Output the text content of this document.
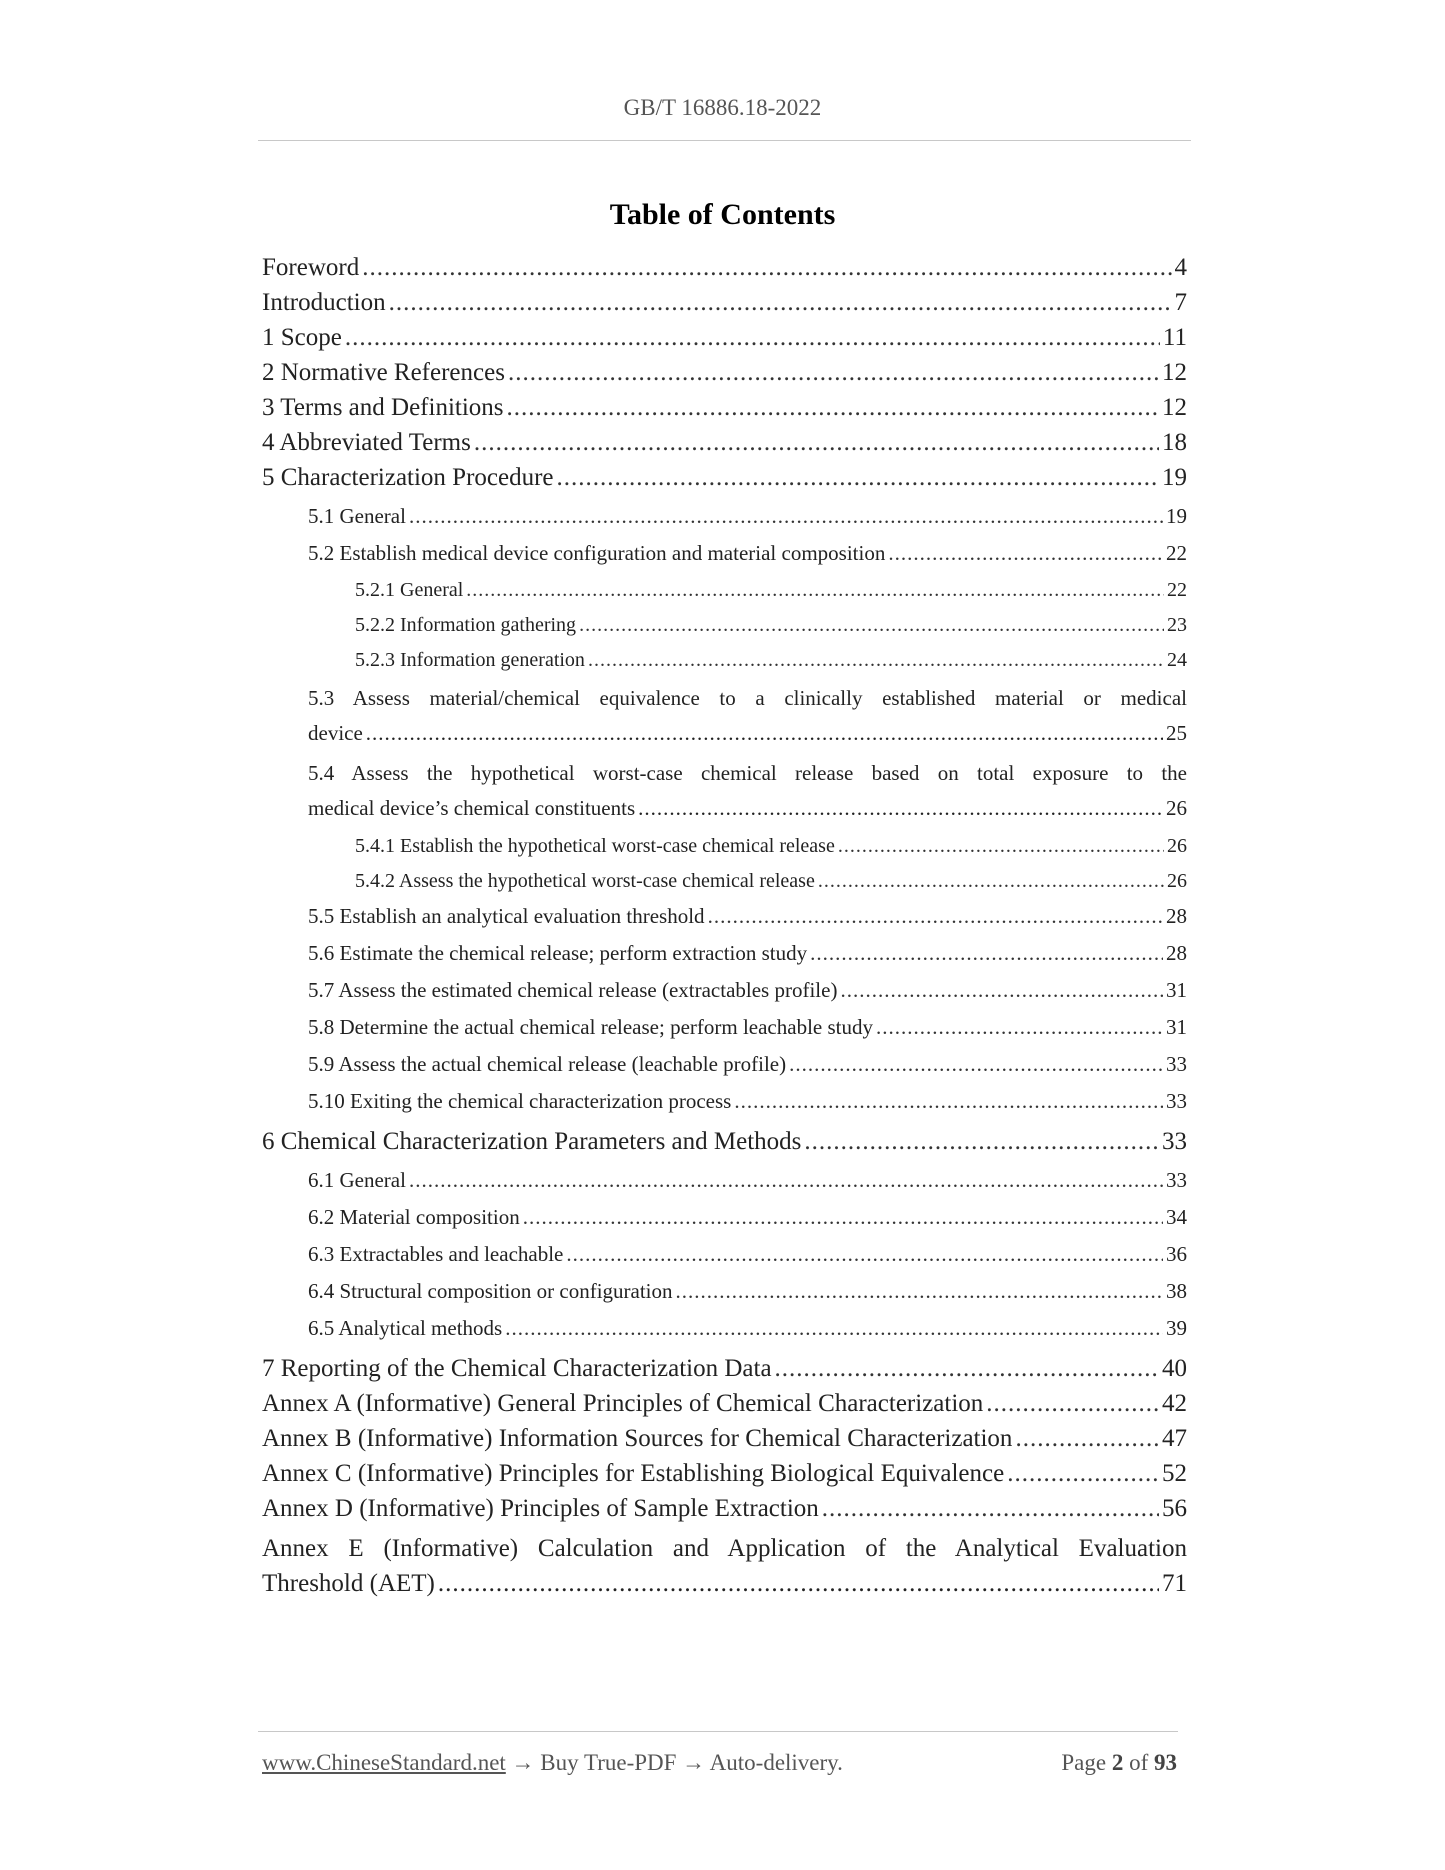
GB/T 16886.18-2022
Table of Contents
Foreword .....	4
Introduction .....	7
1 Scope .....	11
2 Normative References .....	12
3 Terms and Definitions .....	12
4 Abbreviated Terms .....	18
5 Characterization Procedure .....	19
5.1 General .....	19
5.2 Establish medical device configuration and material composition .....	22
5.2.1 General .....	22
5.2.2 Information gathering .....	23
5.2.3 Information generation .....	24
5.3 Assess material/chemical equivalence to a clinically established material or medical
device .....	25
5.4 Assess the hypothetical worst-case chemical release based on total exposure to the
medical device’s chemical constituents .....	26
5.4.1 Establish the hypothetical worst-case chemical release .....	26
5.4.2 Assess the hypothetical worst-case chemical release .....	26
5.5 Establish an analytical evaluation threshold .....	28
5.6 Estimate the chemical release; perform extraction study .....	28
5.7 Assess the estimated chemical release (extractables profile) .....	31
5.8 Determine the actual chemical release; perform leachable study .....	31
5.9 Assess the actual chemical release (leachable profile) .....	33
5.10 Exiting the chemical characterization process .....	33
6 Chemical Characterization Parameters and Methods .....	33
6.1 General .....	33
6.2 Material composition .....	34
6.3 Extractables and leachable .....	36
6.4 Structural composition or configuration .....	38
6.5 Analytical methods .....	39
7 Reporting of the Chemical Characterization Data .....	40
Annex A (Informative) General Principles of Chemical Characterization .....	42
Annex B (Informative) Information Sources for Chemical Characterization .....	47
Annex C (Informative) Principles for Establishing Biological Equivalence .....	52
Annex D (Informative) Principles of Sample Extraction .....	56
Annex E (Informative) Calculation and Application of the Analytical Evaluation
Threshold (AET) .....	71
www.ChineseStandard.net → Buy True-PDF → Auto-delivery.	Page 2 of 93
